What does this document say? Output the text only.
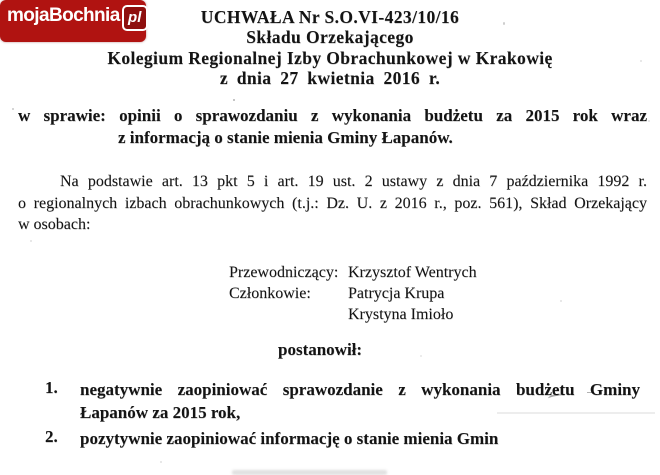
UCHWAŁA Nr S.O.VI-423/10/16
Składu Orzekającego
Kolegium Regionalnej Izby Obrachunkowej w Krakowię
z dnia 27 kwietnia 2016 r.
w sprawie: opinii o sprawozdaniu z wykonania budżetu za 2015 rok wraz
z informacją o stanie mienia Gminy Łapanów.
Na podstawie art. 13 pkt 5 i art. 19 ust. 2 ustawy z dnia 7 października 1992 r.
o regionalnych izbach obrachunkowych (t.j.: Dz. U. z 2016 r., poz. 561), Skład Orzekający
w osobach:
Przewodniczący: Krzysztof Wentrych
Członkowie:	Patrycja Krupa
Krystyna Imioło
postanowił:
1. negatywnie zaopiniować sprawozdanie z wykonania budżetu Gminy
Łapanów za 2015 rok,
2. pozytywnie zaopiniować informację o stanie mienia Gmin
mojaBochnia pl
portal i telewizja
